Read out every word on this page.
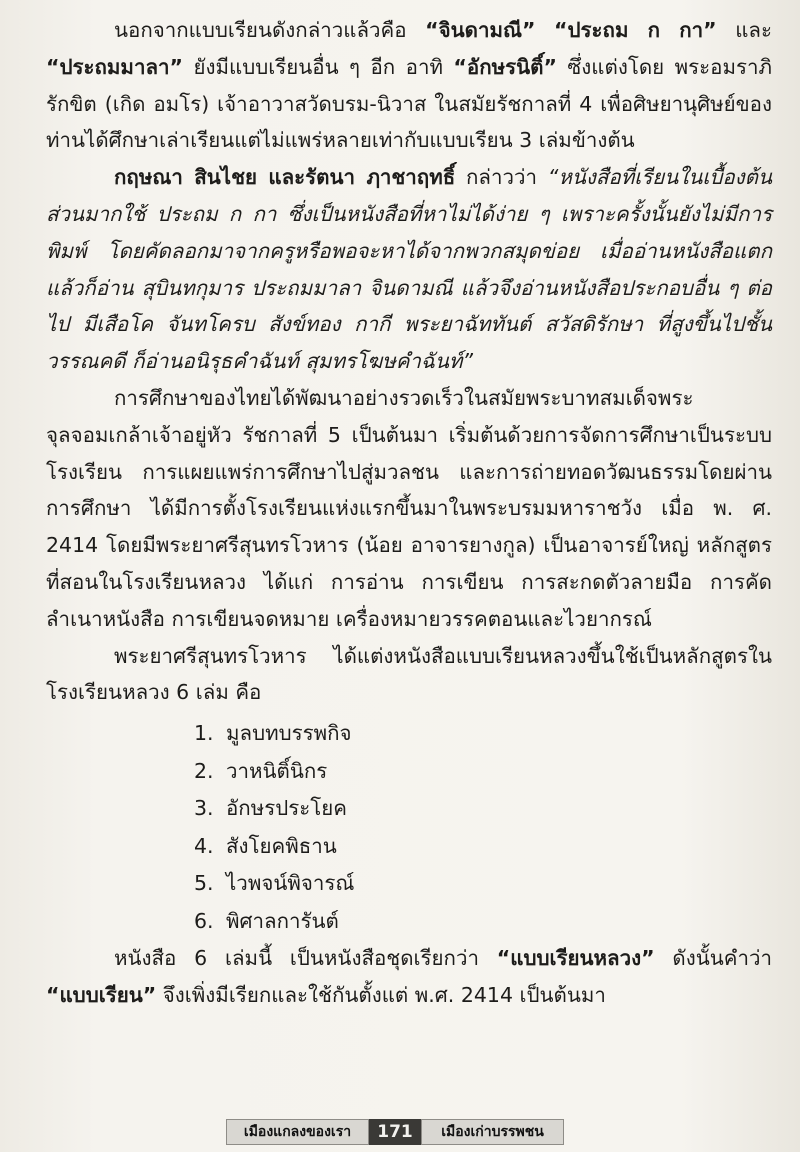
นอกจากแบบเรียนดังกล่าวแล้วคือ “จินดามณี” “ประถม ก กา” และ “ประถมมาลา” ยังมีแบบเรียนอื่น ๆ อีก อาทิ “อักษรนิติ์” ซึ่งแต่งโดย พระอมราภิรักขิต (เกิด อมโร) เจ้าอาวาสวัดบรม-นิวาส ในสมัยรัชกาลที่ 4 เพื่อศิษยานุศิษย์ของท่านได้ศึกษาเล่าเรียนแต่ไม่แพร่หลายเท่ากับแบบเรียน 3 เล่มข้างต้น

กฤษณา สินไชย และรัตนา ฦาชาฤทธิ์ กล่าวว่า “หนังสือที่เรียนในเบื้องต้นส่วนมากใช้ ประถม ก กา ซึ่งเป็นหนังสือที่หาไม่ได้ง่าย ๆ เพราะครั้งนั้นยังไม่มีการพิมพ์ โดยคัดลอกมาจากครูหรือพอจะหาได้จากพวกสมุดข่อย เมื่ออ่านหนังสือแตกแล้วก็อ่าน สุบินทกุมาร ประถมมาลา จินดามณี แล้วจึงอ่านหนังสือประกอบอื่น ๆ ต่อไป มีเสือโค จันทโครบ สังข์ทอง กากี พระยาฉัททันต์ สวัสดิรักษา ที่สูงขึ้นไปชั้นวรรณคดี ก็อ่านอนิรุธคำฉันท์ สุมทรโฆษคำฉันท์”

การศึกษาของไทยได้พัฒนาอย่างรวดเร็วในสมัยพระบาทสมเด็จพระจุลจอมเกล้าเจ้าอยู่หัว รัชกาลที่ 5 เป็นต้นมา เริ่มต้นด้วยการจัดการศึกษาเป็นระบบโรงเรียน การแผยแพร่การศึกษาไปสู่มวลชน และการถ่ายทอดวัฒนธรรมโดยผ่านการศึกษา ได้มีการตั้งโรงเรียนแห่งแรกขึ้นมาในพระบรมมหาราชวัง เมื่อ พ. ศ. 2414 โดยมีพระยาศรีสุนทรโวหาร (น้อย อาจารยางกูล) เป็นอาจารย์ใหญ่ หลักสูตรที่สอนในโรงเรียนหลวง ได้แก่ การอ่าน การเขียน การสะกดตัวลายมือ การคัดลำเนาหนังสือ การเขียนจดหมาย เครื่องหมายวรรคตอนและไวยากรณ์

พระยาศรีสุนทรโวหาร ได้แต่งหนังสือแบบเรียนหลวงขึ้นใช้เป็นหลักสูตรในโรงเรียนหลวง 6 เล่ม คือ

1. มูลบทบรรพกิจ
2. วาหนิติ์นิกร
3. อักษรประโยค
4. สังโยคพิธาน
5. ไวพจน์พิจารณ์
6. พิศาลการันต์

หนังสือ 6 เล่มนี้ เป็นหนังสือชุดเรียกว่า “แบบเรียนหลวง” ดังนั้นคำว่า “แบบเรียน” จึงเพิ่งมีเรียกและใช้กันตั้งแต่ พ.ศ. 2414 เป็นต้นมา

เมืองแกลงของเรา	171	เมืองเก่าบรรพชน
